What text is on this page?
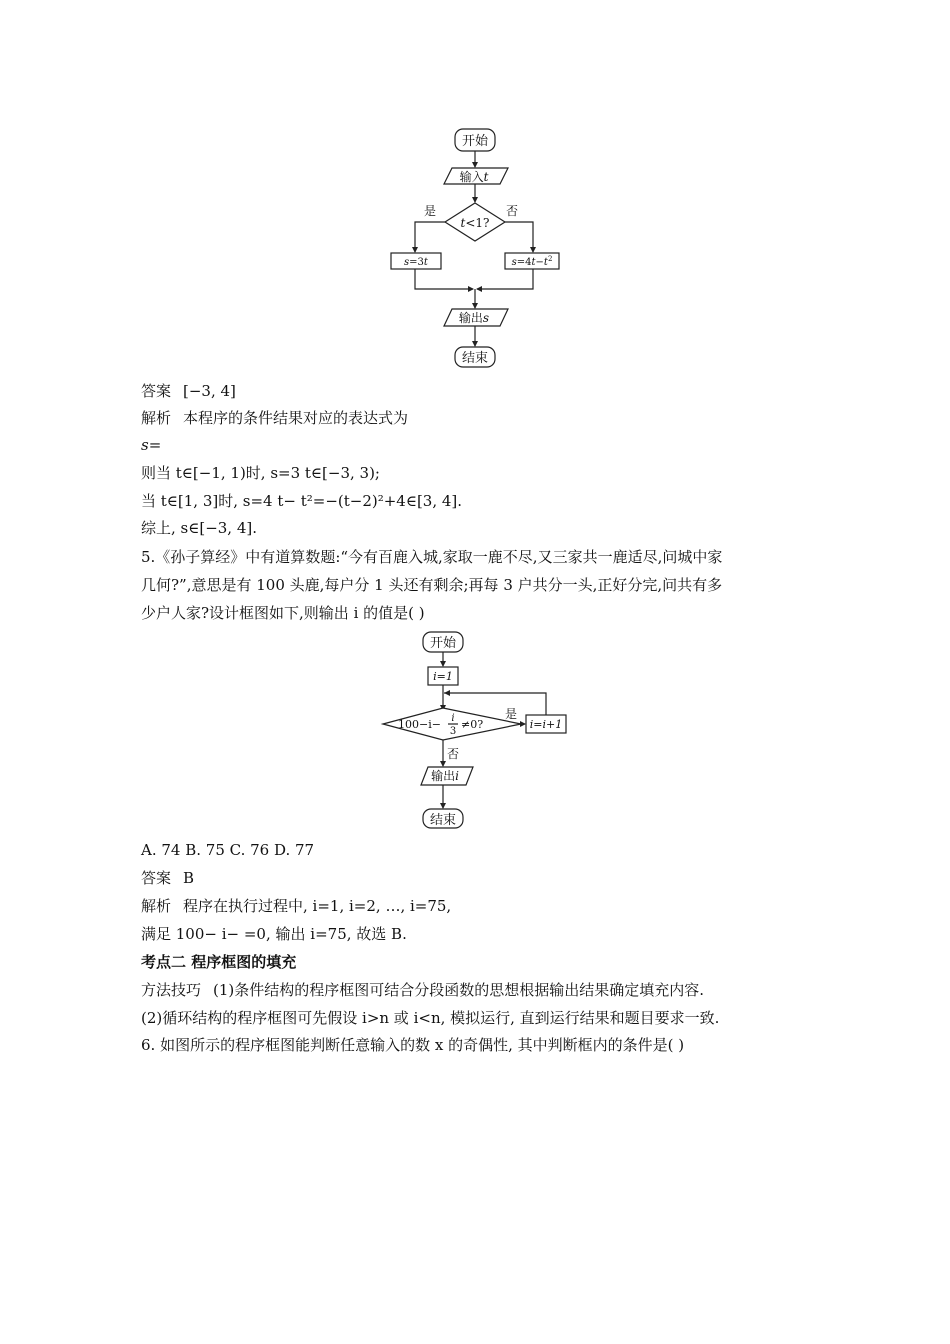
开始
输入t
t<1?
是	否
s=3t	$s=4t-t^2$
输出s
结束
答案 [−3, 4]
解析 本程序的条件结果对应的表达式为
s=
则当 t∈[−1, 1)时, s=3 t∈[−3, 3);
当 t∈[1, 3]时, s=4 t− t²=−(t−2)²+4∈[3, 4].
综上, s∈[−3, 4].
5.《孙子算经》中有道算数题:“今有百鹿入城,家取一鹿不尽,又三家共一鹿适尽,问城中家
几何?”,意思是有 100 头鹿,每户分 1 头还有剩余;再每 3 户共分一头,正好分完,问共有多
少户人家?设计框图如下,则输出 i 的值是( )
开始
i=1
100−i− i
3
≠0?
是
i=i+1
否
输出i
结束
A. 74 B. 75 C. 76 D. 77
答案 B
解析 程序在执行过程中, i=1, i=2, …, i=75,
满足 100− i− =0, 输出 i=75, 故选 B.
考点二 程序框图的填充
方法技巧 (1)条件结构的程序框图可结合分段函数的思想根据输出结果确定填充内容.
(2)循环结构的程序框图可先假设 i>n 或 i<n, 模拟运行, 直到运行结果和题目要求一致.
6. 如图所示的程序框图能判断任意输入的数 x 的奇偶性, 其中判断框内的条件是( )
